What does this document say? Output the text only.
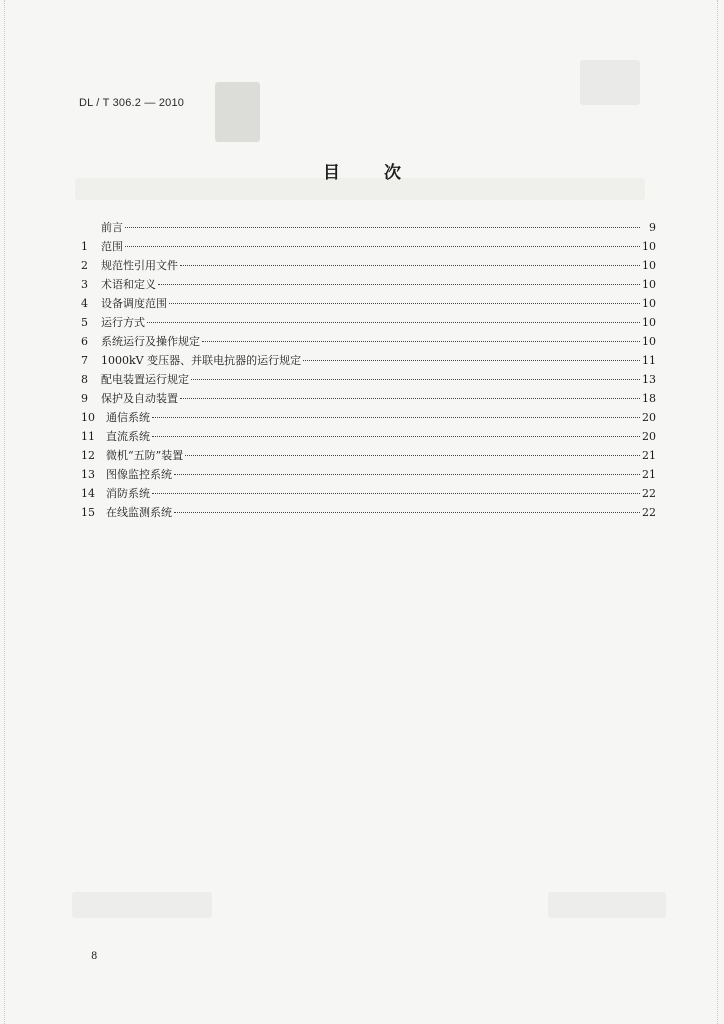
DL / T 306.2 — 2010
目次
前言	9
1	范围	10
2	规范性引用文件	10
3	术语和定义	10
4	设备调度范围	10
5	运行方式	10
6	系统运行及操作规定	10
7	1000kV 变压器、并联电抗器的运行规定	11
8	配电装置运行规定	13
9	保护及自动装置	18
10	通信系统	20
11	直流系统	20
12	微机“五防”装置	21
13	图像监控系统	21
14	消防系统	22
15	在线监测系统	22
8
